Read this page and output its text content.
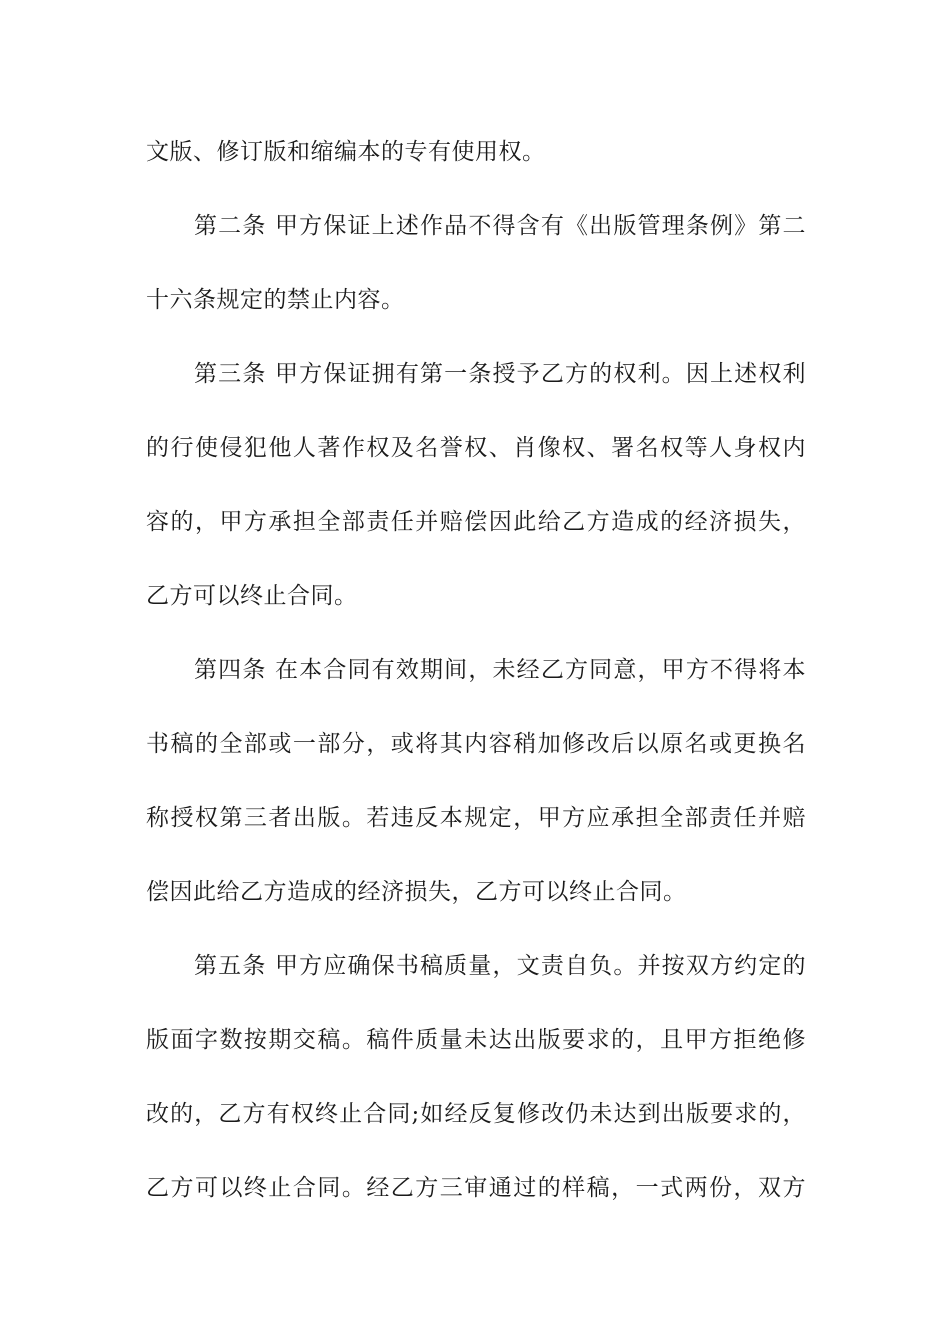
文版、修订版和缩编本的专有使用权。
第二条 甲方保证上述作品不得含有《出版管理条例》第二
十六条规定的禁止内容。
第三条 甲方保证拥有第一条授予乙方的权利。因上述权利
的行使侵犯他人著作权及名誉权、肖像权、署名权等人身权内
容的，甲方承担全部责任并赔偿因此给乙方造成的经济损失，
乙方可以终止合同。
第四条 在本合同有效期间，未经乙方同意，甲方不得将本
书稿的全部或一部分，或将其内容稍加修改后以原名或更换名
称授权第三者出版。若违反本规定，甲方应承担全部责任并赔
偿因此给乙方造成的经济损失，乙方可以终止合同。
第五条 甲方应确保书稿质量，文责自负。并按双方约定的
版面字数按期交稿。稿件质量未达出版要求的，且甲方拒绝修
改的，乙方有权终止合同;如经反复修改仍未达到出版要求的，
乙方可以终止合同。经乙方三审通过的样稿，一式两份，双方
